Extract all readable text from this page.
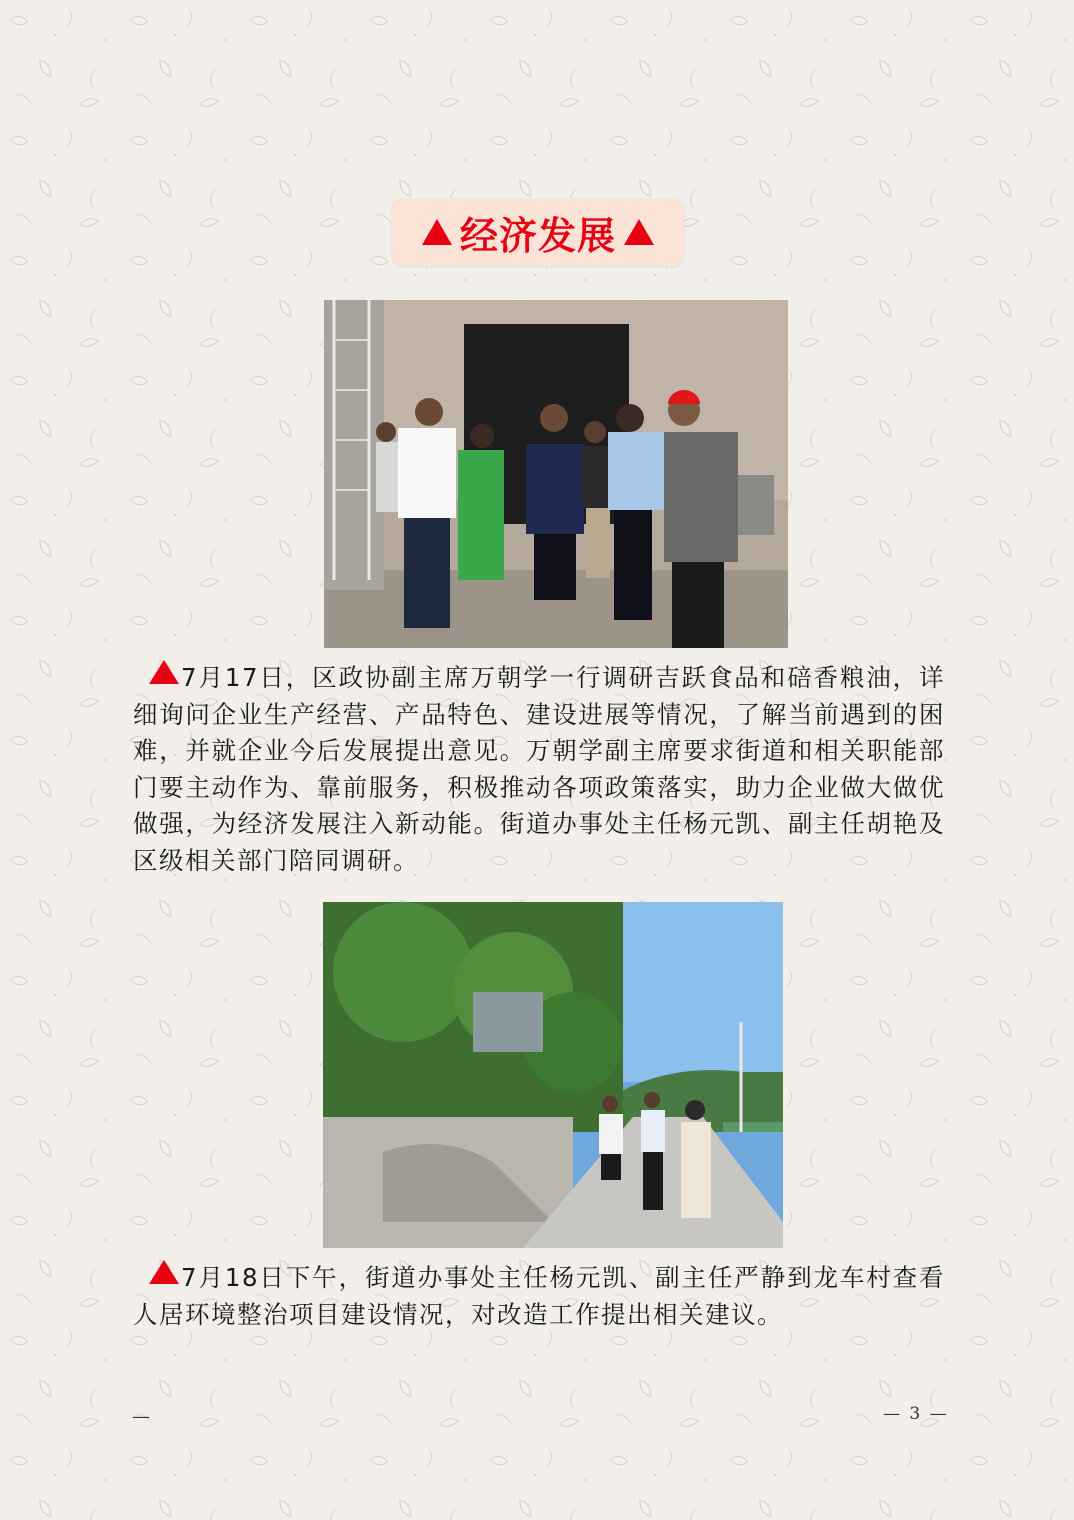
经济发展

7月17日，区政协副主席万朝学一行调研吉跃食品和碚香粮油，详细询问企业生产经营、产品特色、建设进展等情况，了解当前遇到的困难，并就企业今后发展提出意见。万朝学副主席要求街道和相关职能部门要主动作为、靠前服务，积极推动各项政策落实，助力企业做大做优做强，为经济发展注入新动能。街道办事处主任杨元凯、副主任胡艳及区级相关部门陪同调研。

7月18日下午，街道办事处主任杨元凯、副主任严静到龙车村查看人居环境整治项目建设情况，对改造工作提出相关建议。

—	— 3 —
